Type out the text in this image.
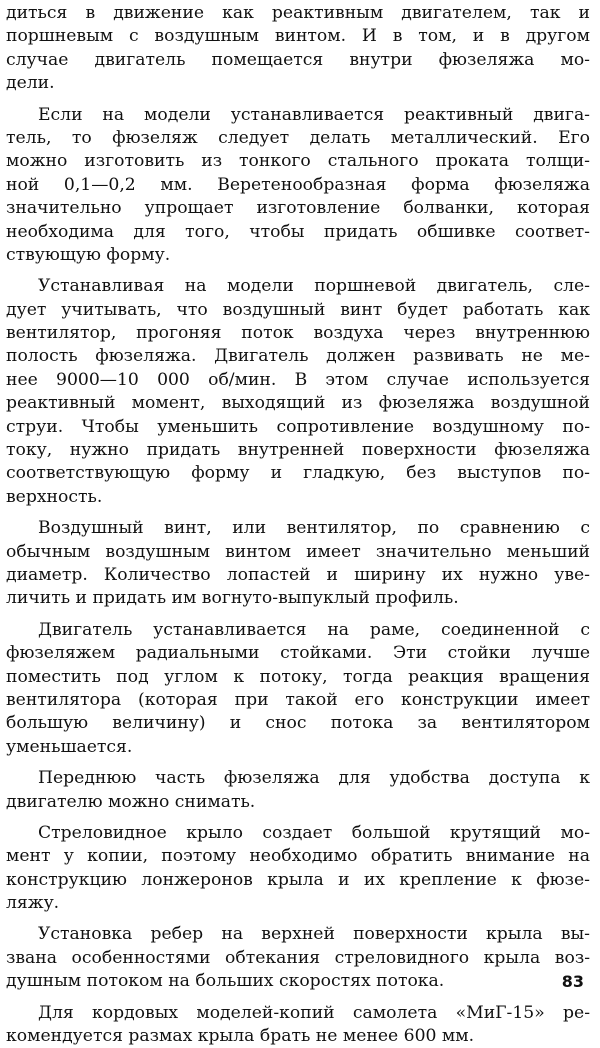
диться в движение как реактивным двигателем, так и
поршневым с воздушным винтом. И в том, и в другом
случае двигатель помещается внутри фюзеляжа мо-
дели.

Если на модели устанавливается реактивный двига-
тель, то фюзеляж следует делать металлический. Его
можно изготовить из тонкого стального проката толщи-
ной 0,1—0,2 мм. Веретенообразная форма фюзеляжа
значительно упрощает изготовление болванки, которая
необходима для того, чтобы придать обшивке соответ-
ствующую форму.

Устанавливая на модели поршневой двигатель, сле-
дует учитывать, что воздушный винт будет работать как
вентилятор, прогоняя поток воздуха через внутреннюю
полость фюзеляжа. Двигатель должен развивать не ме-
нее 9000—10 000 об/мин. В этом случае используется
реактивный момент, выходящий из фюзеляжа воздушной
струи. Чтобы уменьшить сопротивление воздушному по-
току, нужно придать внутренней поверхности фюзеляжа
соответствующую форму и гладкую, без выступов по-
верхность.

Воздушный винт, или вентилятор, по сравнению с
обычным воздушным винтом имеет значительно меньший
диаметр. Количество лопастей и ширину их нужно уве-
личить и придать им вогнуто-выпуклый профиль.

Двигатель устанавливается на раме, соединенной с
фюзеляжем радиальными стойками. Эти стойки лучше
поместить под углом к потоку, тогда реакция вращения
вентилятора (которая при такой его конструкции имеет
большую величину) и снос потока за вентилятором
уменьшается.

Переднюю часть фюзеляжа для удобства доступа к
двигателю можно снимать.

Стреловидное крыло создает большой крутящий мо-
мент у копии, поэтому необходимо обратить внимание на
конструкцию лонжеронов крыла и их крепление к фюзе-
ляжу.

Установка ребер на верхней поверхности крыла вы-
звана особенностями обтекания стреловидного крыла воз-
душным потоком на больших скоростях потока.

Для кордовых моделей-копий самолета «МиГ-15» ре-
комендуется размах крыла брать не менее 600 мм.

83
